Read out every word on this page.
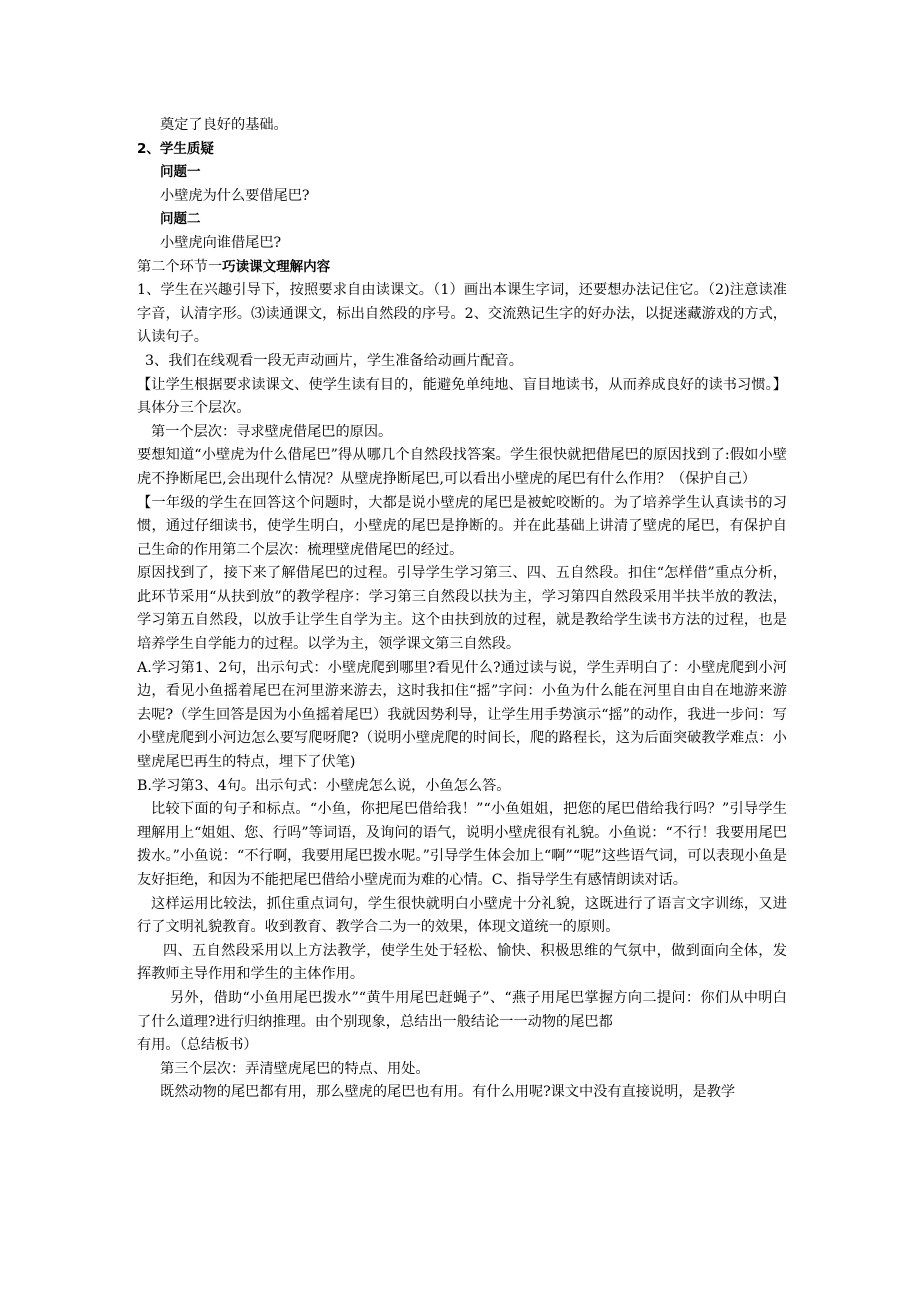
奠定了良好的基础。

2、学生质疑

问题一

小壁虎为什么要借尾巴?

问题二

小壁虎向谁借尾巴?

第二个环节一巧读课文理解内容

1、学生在兴趣引导下，按照要求自由读课文。（1）画出本课生字词，还要想办法记住它。（2)注意读准字音，认清字形。⑶读通课文，标出自然段的序号。2、交流熟记生字的好办法，以捉迷藏游戏的方式，认读句子。

3、我们在线观看一段无声动画片，学生准备给动画片配音。

【让学生根据要求读课文、使学生读有目的，能避免单纯地、盲目地读书，从而养成良好的读书习惯。】具体分三个层次。

第一个层次：寻求壁虎借尾巴的原因。

要想知道“小壁虎为什么借尾巴”得从哪几个自然段找答案。学生很快就把借尾巴的原因找到了:假如小壁虎不挣断尾巴,会出现什么情况？从壁虎挣断尾巴,可以看出小壁虎的尾巴有什么作用？（保护自己）

【一年级的学生在回答这个问题时，大都是说小壁虎的尾巴是被蛇咬断的。为了培养学生认真读书的习惯，通过仔细读书，使学生明白，小壁虎的尾巴是挣断的。并在此基础上讲清了壁虎的尾巴，有保护自己生命的作用第二个层次：梳理壁虎借尾巴的经过。

原因找到了，接下来了解借尾巴的过程。引导学生学习第三、四、五自然段。扣住“怎样借”重点分析，此环节采用“从扶到放”的教学程序：学习第三自然段以扶为主，学习第四自然段采用半扶半放的教法，学习第五自然段，以放手让学生自学为主。这个由扶到放的过程，就是教给学生读书方法的过程，也是培养学生自学能力的过程。以学为主，领学课文第三自然段。

A.学习第1、2句，出示句式：小壁虎爬到哪里?看见什么?通过读与说，学生弄明白了：小壁虎爬到小河边，看见小鱼摇着尾巴在河里游来游去，这时我扣住“摇”字问：小鱼为什么能在河里自由自在地游来游去呢?（学生回答是因为小鱼摇着尾巴）我就因势利导，让学生用手势演示“摇”的动作，我进一步问：写小壁虎爬到小河边怎么要写爬呀爬?（说明小壁虎爬的时间长，爬的路程长，这为后面突破教学难点：小壁虎尾巴再生的特点，埋下了伏笔)

B.学习第3、4句。出示句式：小壁虎怎么说，小鱼怎么答。

比较下面的句子和标点。“小鱼，你把尾巴借给我！”“小鱼姐姐，把您的尾巴借给我行吗？”引导学生理解用上“姐姐、您、行吗”等词语，及询问的语气，说明小壁虎很有礼貌。小鱼说：“不行！我要用尾巴拨水。”小鱼说：“不行啊，我要用尾巴拨水呢。”引导学生体会加上“啊”“呢”这些语气词，可以表现小鱼是友好拒绝，和因为不能把尾巴借给小壁虎而为难的心情。C、指导学生有感情朗读对话。

这样运用比较法，抓住重点词句，学生很快就明白小壁虎十分礼貌，这既进行了语言文字训练，又进行了文明礼貌教育。收到教育、教学合二为一的效果，体现文道统一的原则。

四、五自然段采用以上方法教学，使学生处于轻松、愉快、积极思维的气氛中，做到面向全体，发挥教师主导作用和学生的主体作用。

另外，借助“小鱼用尾巴拨水”“黄牛用尾巴赶蝇子”、“燕子用尾巴掌握方向二提问：你们从中明白了什么道理?进行归纳推理。由个别现象，总结出一般结论一一动物的尾巴都

有用。（总结板书）

第三个层次：弄清壁虎尾巴的特点、用处。

既然动物的尾巴都有用，那么壁虎的尾巴也有用。有什么用呢?课文中没有直接说明，是教学
